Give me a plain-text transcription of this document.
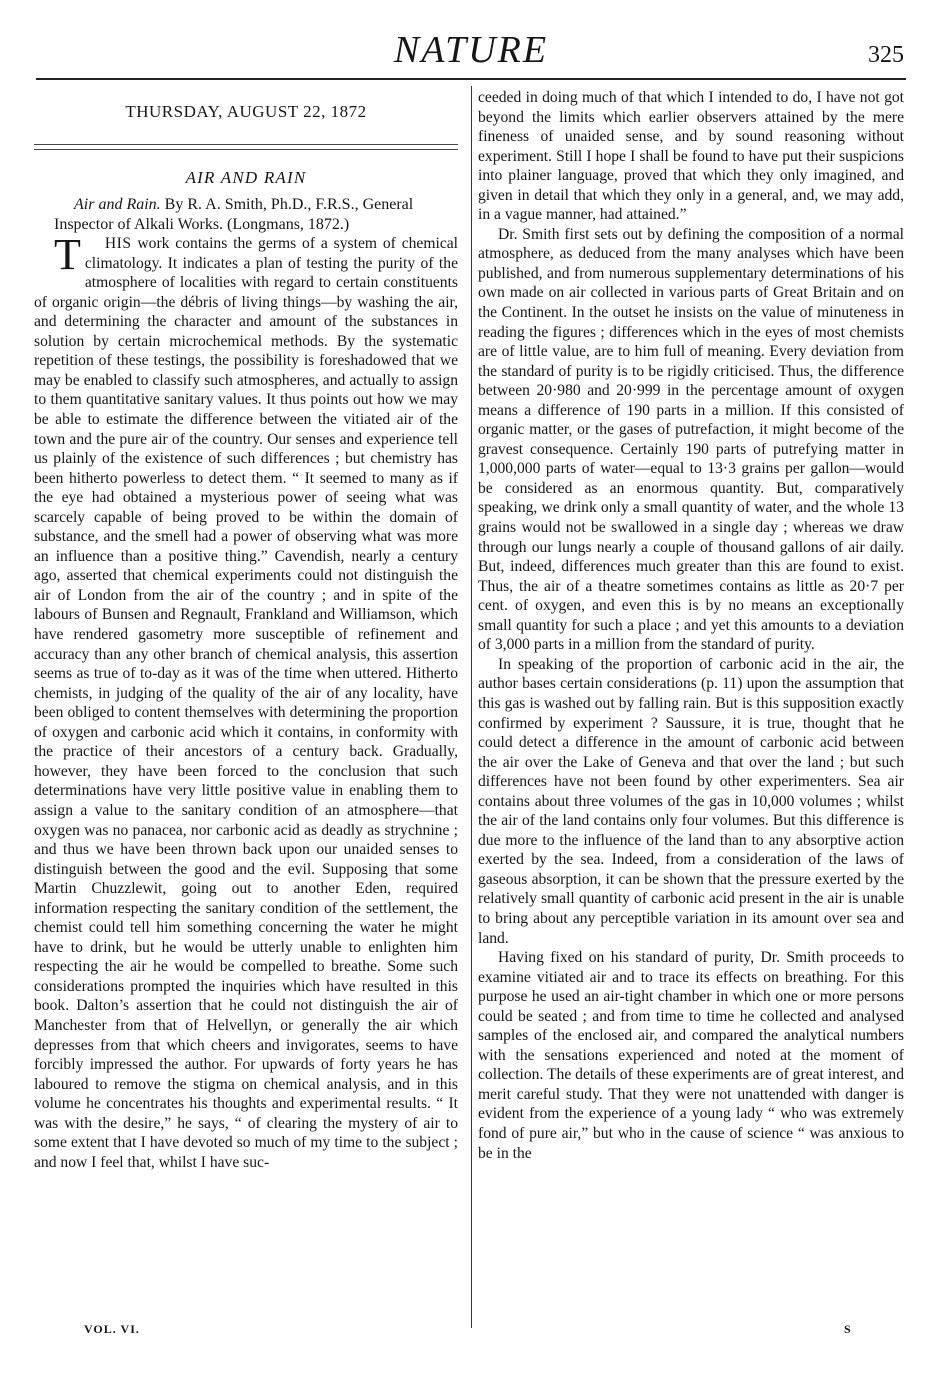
NATURE	325
THURSDAY, AUGUST 22, 1872
AIR AND RAIN

Air and Rain. By R. A. Smith, Ph.D., F.R.S., General Inspector of Alkali Works. (Longmans, 1872.)

T HIS work contains the germs of a system of chemical climatology. It indicates a plan of testing the purity of the atmosphere of localities with regard to certain constituents of organic origin—the débris of living things—by washing the air, and determining the character and amount of the substances in solution by certain microchemical methods. By the systematic repetition of these testings, the possibility is foreshadowed that we may be enabled to classify such atmospheres, and actually to assign to them quantitative sanitary values. It thus points out how we may be able to estimate the difference between the vitiated air of the town and the pure air of the country. Our senses and experience tell us plainly of the existence of such differences ; but chemistry has been hitherto powerless to detect them. “ It seemed to many as if the eye had obtained a mysterious power of seeing what was scarcely capable of being proved to be within the domain of substance, and the smell had a power of observing what was more an influence than a positive thing.” Cavendish, nearly a century ago, asserted that chemical experiments could not distinguish the air of London from the air of the country ; and in spite of the labours of Bunsen and Regnault, Frankland and Williamson, which have rendered gasometry more susceptible of refinement and accuracy than any other branch of chemical analysis, this assertion seems as true of to-day as it was of the time when uttered. Hitherto chemists, in judging of the quality of the air of any locality, have been obliged to content themselves with determining the proportion of oxygen and carbonic acid which it contains, in conformity with the practice of their ancestors of a century back. Gradually, however, they have been forced to the conclusion that such determinations have very little positive value in enabling them to assign a value to the sanitary condition of an atmosphere—that oxygen was no panacea, nor carbonic acid as deadly as strychnine ; and thus we have been thrown back upon our unaided senses to distinguish between the good and the evil. Supposing that some Martin Chuzzlewit, going out to another Eden, required information respecting the sanitary condition of the settlement, the chemist could tell him something concerning the water he might have to drink, but he would be utterly unable to enlighten him respecting the air he would be compelled to breathe. Some such considerations prompted the inquiries which have resulted in this book. Dalton’s assertion that he could not distinguish the air of Manchester from that of Helvellyn, or generally the air which depresses from that which cheers and invigorates, seems to have forcibly impressed the author. For upwards of forty years he has laboured to remove the stigma on chemical analysis, and in this volume he concentrates his thoughts and experimental results. “ It was with the desire,” he says, “ of clearing the mystery of air to some extent that I have devoted so much of my time to the subject ; and now I feel that, whilst I have suc-

ceeded in doing much of that which I intended to do, I have not got beyond the limits which earlier observers attained by the mere fineness of unaided sense, and by sound reasoning without experiment. Still I hope I shall be found to have put their suspicions into plainer language, proved that which they only imagined, and given in detail that which they only in a general, and, we may add, in a vague manner, had attained.”

Dr. Smith first sets out by defining the composition of a normal atmosphere, as deduced from the many analyses which have been published, and from numerous supplementary determinations of his own made on air collected in various parts of Great Britain and on the Continent. In the outset he insists on the value of minuteness in reading the figures ; differences which in the eyes of most chemists are of little value, are to him full of meaning. Every deviation from the standard of purity is to be rigidly criticised. Thus, the difference between 20·980 and 20·999 in the percentage amount of oxygen means a difference of 190 parts in a million. If this consisted of organic matter, or the gases of putrefaction, it might become of the gravest consequence. Certainly 190 parts of putrefying matter in 1,000,000 parts of water—equal to 13·3 grains per gallon—would be considered as an enormous quantity. But, comparatively speaking, we drink only a small quantity of water, and the whole 13 grains would not be swallowed in a single day ; whereas we draw through our lungs nearly a couple of thousand gallons of air daily. But, indeed, differences much greater than this are found to exist. Thus, the air of a theatre sometimes contains as little as 20·7 per cent. of oxygen, and even this is by no means an exceptionally small quantity for such a place ; and yet this amounts to a deviation of 3,000 parts in a million from the standard of purity.

In speaking of the proportion of carbonic acid in the air, the author bases certain considerations (p. 11) upon the assumption that this gas is washed out by falling rain. But is this supposition exactly confirmed by experiment ? Saussure, it is true, thought that he could detect a difference in the amount of carbonic acid between the air over the Lake of Geneva and that over the land ; but such differences have not been found by other experimenters. Sea air contains about three volumes of the gas in 10,000 volumes ; whilst the air of the land contains only four volumes. But this difference is due more to the influence of the land than to any absorptive action exerted by the sea. Indeed, from a consideration of the laws of gaseous absorption, it can be shown that the pressure exerted by the relatively small quantity of carbonic acid present in the air is unable to bring about any perceptible variation in its amount over sea and land.

Having fixed on his standard of purity, Dr. Smith proceeds to examine vitiated air and to trace its effects on breathing. For this purpose he used an air-tight chamber in which one or more persons could be seated ; and from time to time he collected and analysed samples of the enclosed air, and compared the analytical numbers with the sensations experienced and noted at the moment of collection. The details of these experiments are of great interest, and merit careful study. That they were not unattended with danger is evident from the experience of a young lady “ who was extremely fond of pure air,” but who in the cause of science “ was anxious to be in the

VOL. VI.	S
